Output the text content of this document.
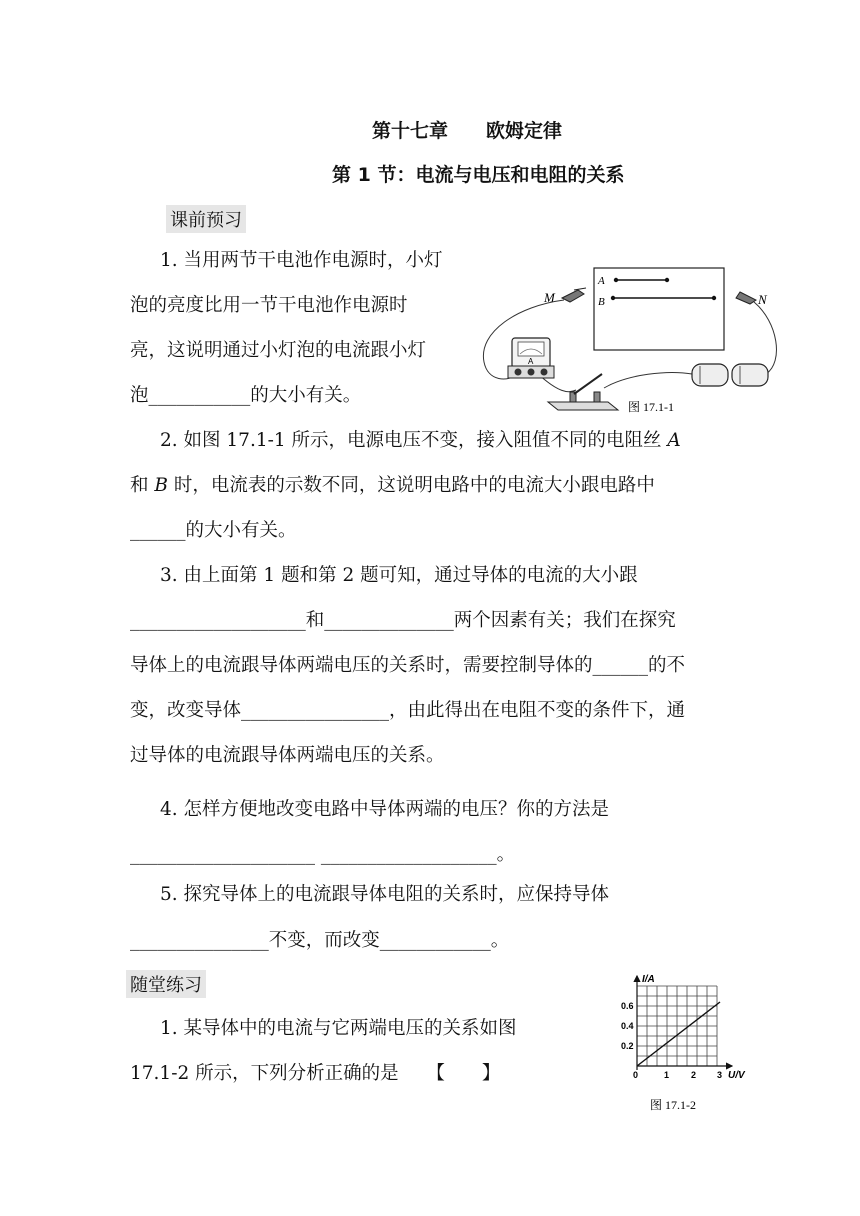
第十七章　　欧姆定律
第 1 节：电流与电压和电阻的关系
课前预习
1. 当用两节干电池作电源时，小灯
泡的亮度比用一节干电池作电源时
亮，这说明通过小灯泡的电流跟小灯
泡___________的大小有关。
A
B
M	N
A
图 17.1-1
2. 如图 17.1-1 所示，电源电压不变，接入阻值不同的电阻丝 A
和 B 时，电流表的示数不同，这说明电路中的电流大小跟电路中
______的大小有关。
3. 由上面第 1 题和第 2 题可知，通过导体的电流的大小跟
___________________和______________两个因素有关；我们在探究
导体上的电流跟导体两端电压的关系时，需要控制导体的______的不
变，改变导体________________，由此得出在电阻不变的条件下，通
过导体的电流跟导体两端电压的关系。
4. 怎样方便地改变电路中导体两端的电压？你的方法是
____________________ ___________________。
5. 探究导体上的电流跟导体电阻的关系时，应保持导体
_______________不变，而改变____________。
随堂练习
1. 某导体中的电流与它两端电压的关系如图
17.1-2 所示，下列分析正确的是　　【　　】
I/A
U/V
0.6
0.4
0.2
0	1 2 3
图 17.1-2
